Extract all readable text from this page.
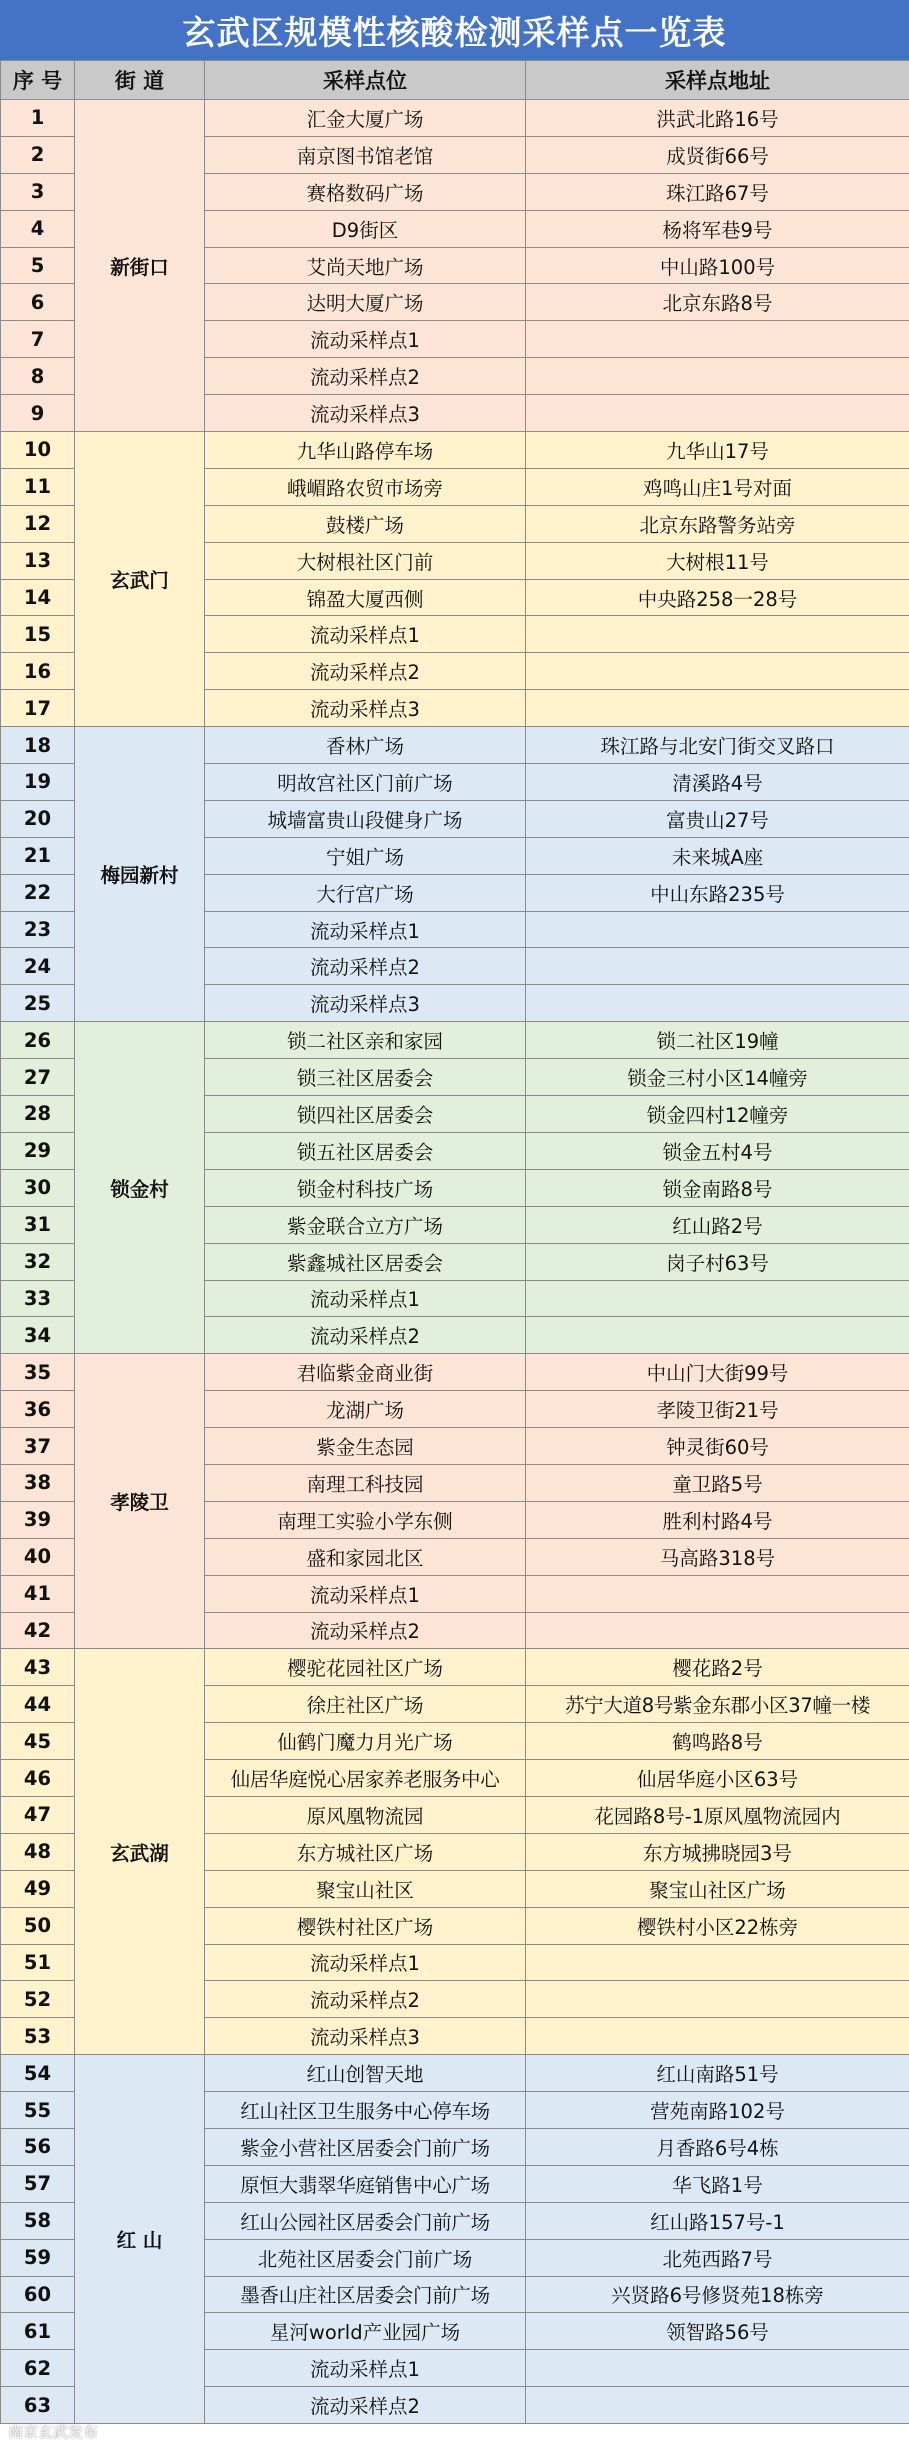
玄武区规模性核酸检测采样点一览表
序 号	街 道	采样点位	采样点地址
1	新街口	汇金大厦广场	洪武北路16号
2		南京图书馆老馆	成贤街66号
3		赛格数码广场	珠江路67号
4		D9街区	杨将军巷9号
5		艾尚天地广场	中山路100号
6		达明大厦广场	北京东路8号
7		流动采样点1	
8		流动采样点2	
9		流动采样点3	
10	玄武门	九华山路停车场	九华山17号
11		峨嵋路农贸市场旁	鸡鸣山庄1号对面
12		鼓楼广场	北京东路警务站旁
13		大树根社区门前	大树根11号
14		锦盈大厦西侧	中央路258一28号
15		流动采样点1	
16		流动采样点2	
17		流动采样点3	
18	梅园新村	香林广场	珠江路与北安门街交叉路口
19		明故宫社区门前广场	清溪路4号
20		城墙富贵山段健身广场	富贵山27号
21		宁姐广场	未来城A座
22		大行宫广场	中山东路235号
23		流动采样点1	
24		流动采样点2	
25		流动采样点3	
26	锁金村	锁二社区亲和家园	锁二社区19幢
27		锁三社区居委会	锁金三村小区14幢旁
28		锁四社区居委会	锁金四村12幢旁
29		锁五社区居委会	锁金五村4号
30		锁金村科技广场	锁金南路8号
31		紫金联合立方广场	红山路2号
32		紫鑫城社区居委会	岗子村63号
33		流动采样点1	
34		流动采样点2	
35	孝陵卫	君临紫金商业街	中山门大街99号
36		龙湖广场	孝陵卫街21号
37		紫金生态园	钟灵街60号
38		南理工科技园	童卫路5号
39		南理工实验小学东侧	胜利村路4号
40		盛和家园北区	马高路318号
41		流动采样点1	
42		流动采样点2	
43	玄武湖	樱驼花园社区广场	樱花路2号
44		徐庄社区广场	苏宁大道8号紫金东郡小区37幢一楼
45		仙鹤门魔力月光广场	鹤鸣路8号
46		仙居华庭悦心居家养老服务中心	仙居华庭小区63号
47		原风凰物流园	花园路8号-1原风凰物流园内
48		东方城社区广场	东方城拂晓园3号
49		聚宝山社区	聚宝山社区广场
50		樱铁村社区广场	樱铁村小区22栋旁
51		流动采样点1	
52		流动采样点2	
53		流动采样点3	
54	红 山	红山创智天地	红山南路51号
55		红山社区卫生服务中心停车场	营苑南路102号
56		紫金小营社区居委会门前广场	月香路6号4栋
57		原恒大翡翠华庭销售中心广场	华飞路1号
58		红山公园社区居委会门前广场	红山路157号-1
59		北苑社区居委会门前广场	北苑西路7号
60		墨香山庄社区居委会门前广场	兴贤路6号修贤苑18栋旁
61		星河world产业园广场	领智路56号
62		流动采样点1	
63		流动采样点2	
南京玄武发布
